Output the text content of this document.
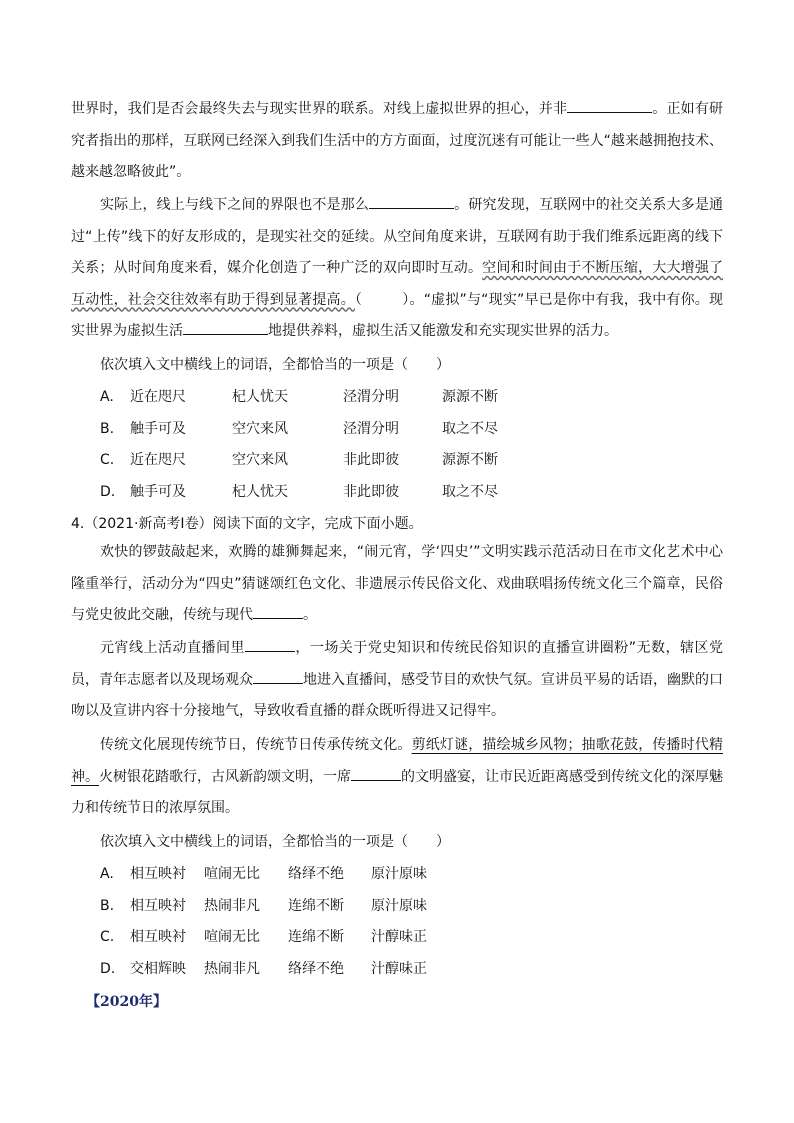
世界时，我们是否会最终失去与现实世界的联系。对线上虚拟世界的担心，并非	。正如有研究者指出的那样，互联网已经深入到我们生活中的方方面面，过度沉迷有可能让一些人“越来越拥抱技术、越来越忽略彼此”。

实际上，线上与线下之间的界限也不是那么	。研究发现，互联网中的社交关系大多是通过“上传”线下的好友形成的，是现实社交的延续。从空间角度来讲，互联网有助于我们维系远距离的线下关系；从时间角度来看，媒介化创造了一种广泛的双向即时互动。空间和时间由于不断压缩，大大增强了互动性，社会交往效率有助于得到显著提高。（	）。“虚拟”与“现实”早已是你中有我，我中有你。现实世界为虚拟生活	地提供养料，虚拟生活又能激发和充实现实世界的活力。

依次填入文中横线上的词语，全都恰当的一项是（　　）
A. 近在咫尺	杞人忧天	泾渭分明	源源不断
B. 触手可及	空穴来风	泾渭分明	取之不尽
C. 近在咫尺	空穴来风	非此即彼	源源不断
D. 触手可及	杞人忧天	非此即彼	取之不尽
4.（2021·新高考Ⅰ卷）阅读下面的文字，完成下面小题。

欢快的锣鼓敲起来，欢腾的雄狮舞起来，“闹元宵，学‘四史’”文明实践示范活动日在市文化艺术中心隆重举行，活动分为“四史”猜谜颂红色文化、非遗展示传民俗文化、戏曲联唱扬传统文化三个篇章，民俗与党史彼此交融，传统与现代	。

元宵线上活动直播间里	，一场关于党史知识和传统民俗知识的直播宣讲圈粉”无数，辖区党员，青年志愿者以及现场观众	地进入直播间，感受节目的欢快气氛。宣讲员平易的话语，幽默的口吻以及宣讲内容十分接地气，导致收看直播的群众既听得进又记得牢。

传统文化展现传统节日，传统节日传承传统文化。剪纸灯谜，描绘城乡风物；抽歌花鼓，传播时代精神。火树银花踏歌行，古风新韵颂文明，一席	的文明盛宴，让市民近距离感受到传统文化的深厚魅力和传统节日的浓厚氛围。

依次填入文中横线上的词语，全都恰当的一项是（　　）
A. 相互映衬 喧闹无比 络绎不绝 原汁原味
B. 相互映衬 热闹非凡 连绵不断 原汁原味
C. 相互映衬 喧闹无比 连绵不断 汁醇味正
D. 交相辉映 热闹非凡 络绎不绝 汁醇味正
【2020年】
